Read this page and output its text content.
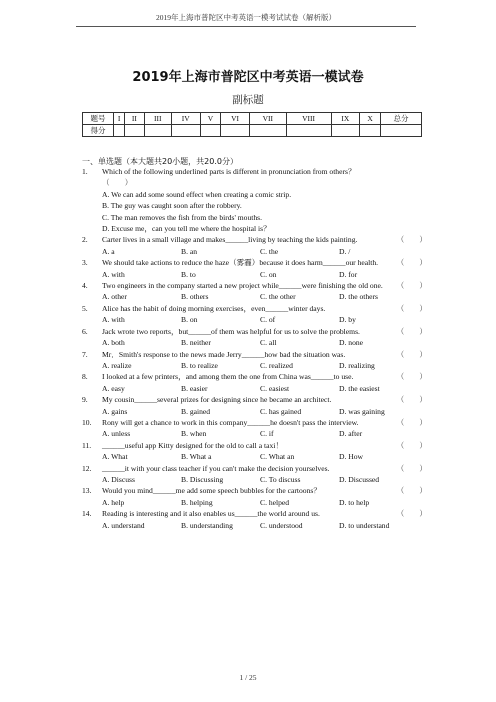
2019年上海市普陀区中考英语一模考试试卷（解析版）
2019年上海市普陀区中考英语一模试卷
副标题
题号	I	II	III	IV	V	VI	VII	VIII	IX	X	总分
得分											
一、单选题（本大题共20小题，共20.0分）
1.	Which of the following underlined parts is different in pronunciation from others？
（　　）
A. We can add some sound effect when creating a comic strip.
B. The guy was caught soon after the robbery.
C. The man removes the fish from the birds' mouths.
D. Excuse me，can you tell me where the hospital is？
2.	Carter lives in a small village and makes______living by teaching the kids painting.	（　　）
A. a	B. an	C. the	D. /
3.	We should take actions to reduce the haze（雾霾）because it does harm______our health.	（　　）
A. with	B. to	C. on	D. for
4.	Two engineers in the company started a new project while______were finishing the old one.	（　　）
A. other	B. others	C. the other	D. the others
5.	Alice has the habit of doing morning exercises，even______winter days.	（　　）
A. with	B. on	C. of	D. by
6.	Jack wrote two reports，but______of them was helpful for us to solve the problems.	（　　）
A. both	B. neither	C. all	D. none
7.	Mr．Smith's response to the news made Jerry______how bad the situation was.	（　　）
A. realize	B. to realize	C. realized	D. realizing
8.	I looked at a few printers，and among them the one from China was______to use.	（　　）
A. easy	B. easier	C. easiest	D. the easiest
9.	My cousin______several prizes for designing since he became an architect.	（　　）
A. gains	B. gained	C. has gained	D. was gaining
10.	Rony will get a chance to work in this company______he doesn't pass the interview.	（　　）
A. unless	B. when	C. if	D. after
11.	______useful app Kitty designed for the old to call a taxi！	（　　）
A. What	B. What a	C. What an	D. How
12.	______it with your class teacher if you can't make the decision yourselves.	（　　）
A. Discuss	B. Discussing	C. To discuss	D. Discussed
13.	Would you mind______me add some speech bubbles for the cartoons？	（　　）
A. help	B. helping	C. helped	D. to help
14.	Reading is interesting and it also enables us______the world around us.	（　　）
A. understand	B. understanding	C. understood	D. to understand
1 / 25
